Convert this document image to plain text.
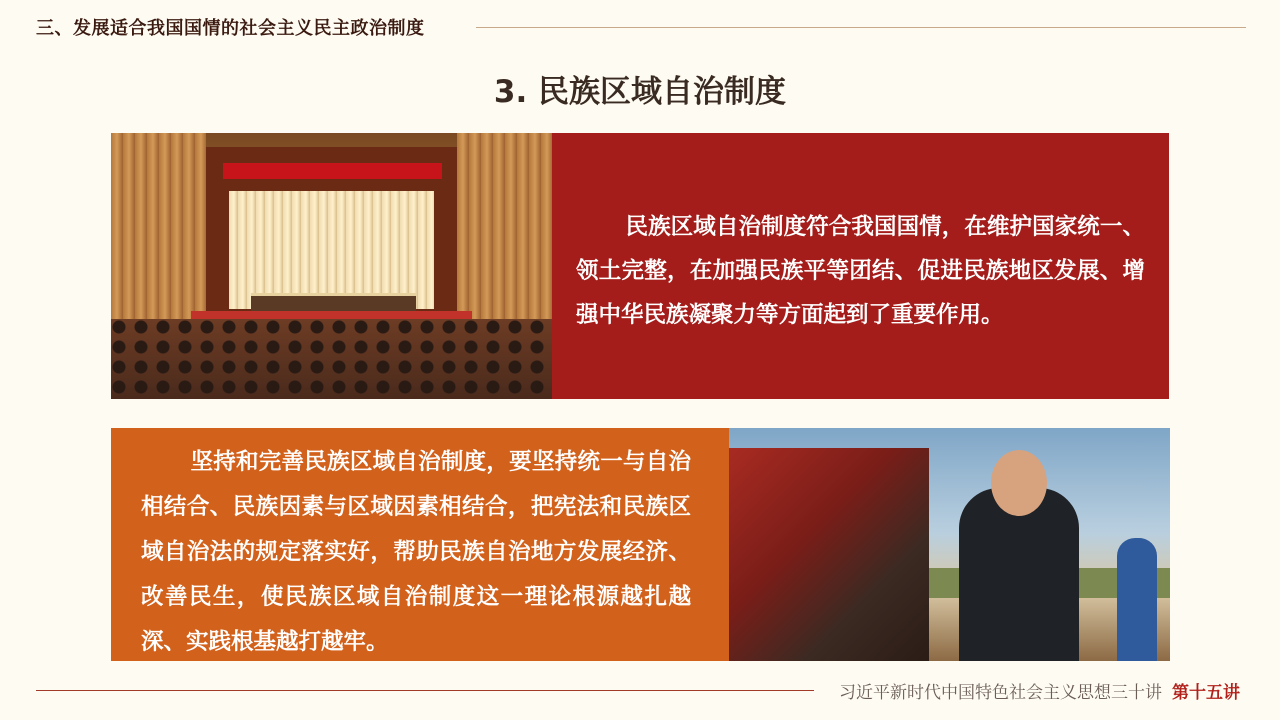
三、发展适合我国国情的社会主义民主政治制度
3. 民族区域自治制度

民族区域自治制度符合我国国情，在维护国家统一、领土完整，在加强民族平等团结、促进民族地区发展、增强中华民族凝聚力等方面起到了重要作用。

坚持和完善民族区域自治制度，要坚持统一与自治相结合、民族因素与区域因素相结合，把宪法和民族区域自治法的规定落实好，帮助民族自治地方发展经济、改善民生，使民族区域自治制度这一理论根源越扎越深、实践根基越打越牢。

习近平新时代中国特色社会主义思想三十讲 第十五讲
